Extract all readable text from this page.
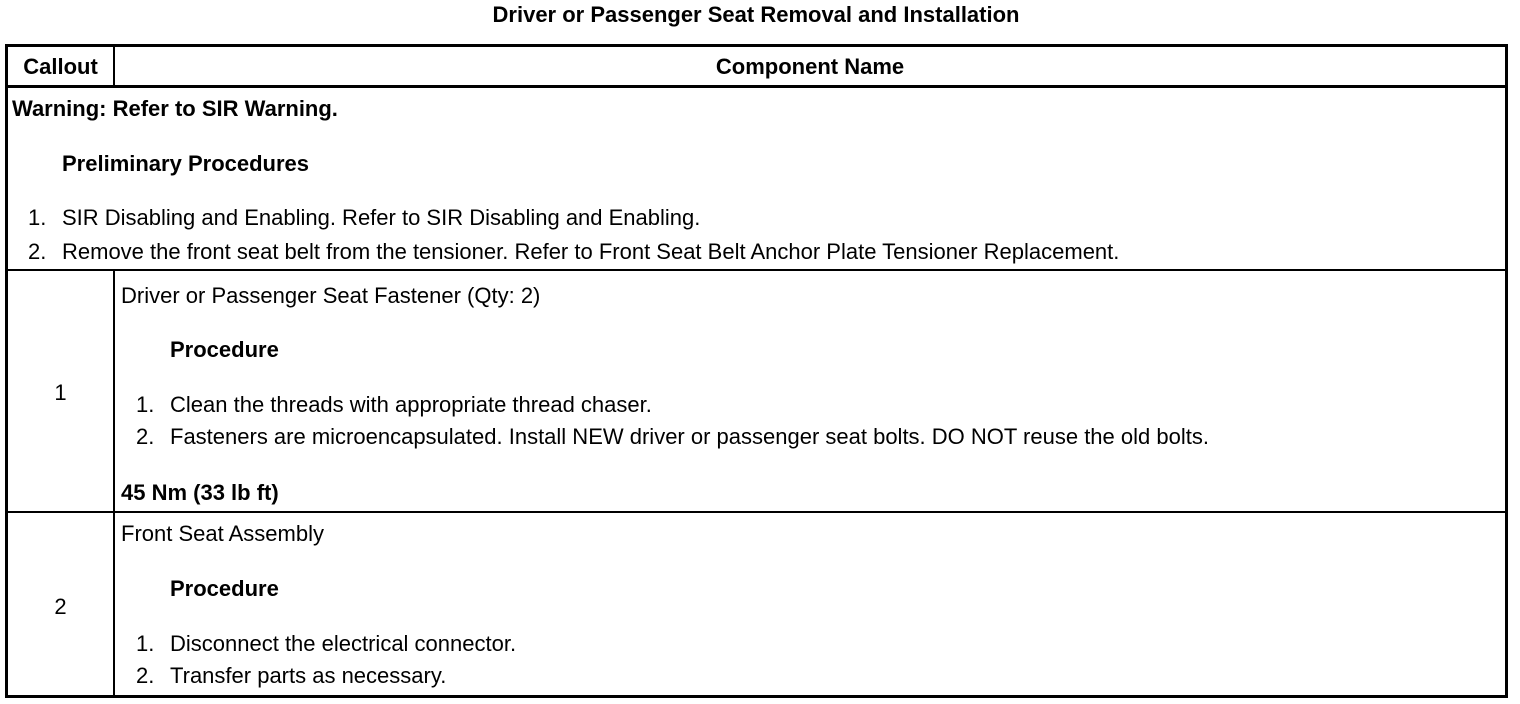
Driver or Passenger Seat Removal and Installation
Callout	Component Name
Warning: Refer to SIR Warning.
Preliminary Procedures
1. SIR Disabling and Enabling. Refer to SIR Disabling and Enabling.
2. Remove the front seat belt from the tensioner. Refer to Front Seat Belt Anchor Plate Tensioner Replacement.
1
Driver or Passenger Seat Fastener (Qty: 2)
Procedure
1. Clean the threads with appropriate thread chaser.
2. Fasteners are microencapsulated. Install NEW driver or passenger seat bolts. DO NOT reuse the old bolts.
45 Nm (33 lb ft)
2
Front Seat Assembly
Procedure
1. Disconnect the electrical connector.
2. Transfer parts as necessary.
